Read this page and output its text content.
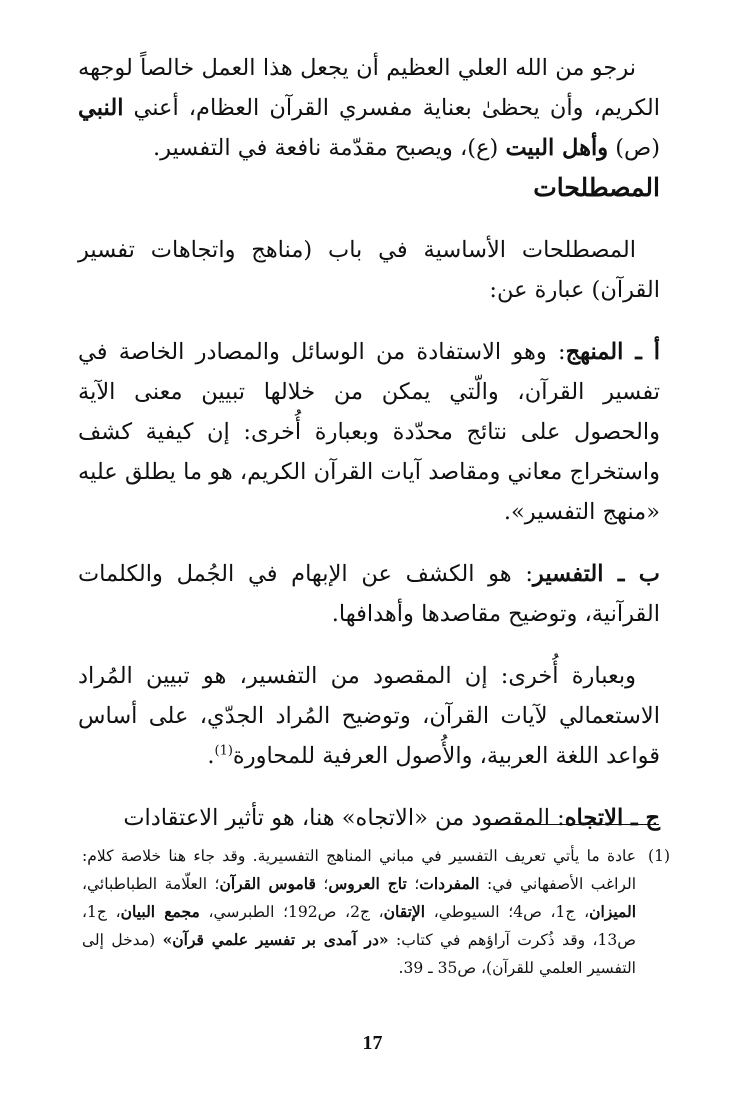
نرجو من الله العلي العظيم أن يجعل هذا العمل خالصاً لوجهه الكريم، وأن يحظىٰ بعناية مفسري القرآن العظام، أعني النبي (ص) وأهل البيت (ع)، ويصبح مقدّمة نافعة في التفسير.

المصطلحات

المصطلحات الأساسية في باب (مناهج واتجاهات تفسير القرآن) عبارة عن:

أ ـ المنهج: وهو الاستفادة من الوسائل والمصادر الخاصة في تفسير القرآن، والّتي يمكن من خلالها تبيين معنى الآية والحصول على نتائج محدّدة وبعبارة أُخرى: إن كيفية كشف واستخراج معاني ومقاصد آيات القرآن الكريم، هو ما يطلق عليه «منهج التفسير».

ب ـ التفسير: هو الكشف عن الإبهام في الجُمل والكلمات القرآنية، وتوضيح مقاصدها وأهدافها.

وبعبارة أُخرى: إن المقصود من التفسير، هو تبيين المُراد الاستعمالي لآيات القرآن، وتوضيح المُراد الجدّي، على أساس قواعد اللغة العربية، والأُصول العرفية للمحاورة$^{(1)}$.

ج ـ الاتجاه: المقصود من «الاتجاه» هنا، هو تأثير الاعتقادات

(1)
عادة ما يأتي تعريف التفسير في مباني المناهج التفسيرية. وقد جاء هنا خلاصة كلام: الراغب الأصفهاني في: المفردات؛ تاج العروس؛ قاموس القرآن؛ العلّامة الطباطبائي، الميزان، ج1، ص4؛ السيوطي، الإتقان، ج2، ص192؛ الطبرسي، مجمع البيان، ج1، ص13، وقد ذُكرت آراؤهم في كتاب: «در آمدى بر تفسير علمي قرآن» (مدخل إلى التفسير العلمي للقرآن)، ص35 ـ 39.
17
